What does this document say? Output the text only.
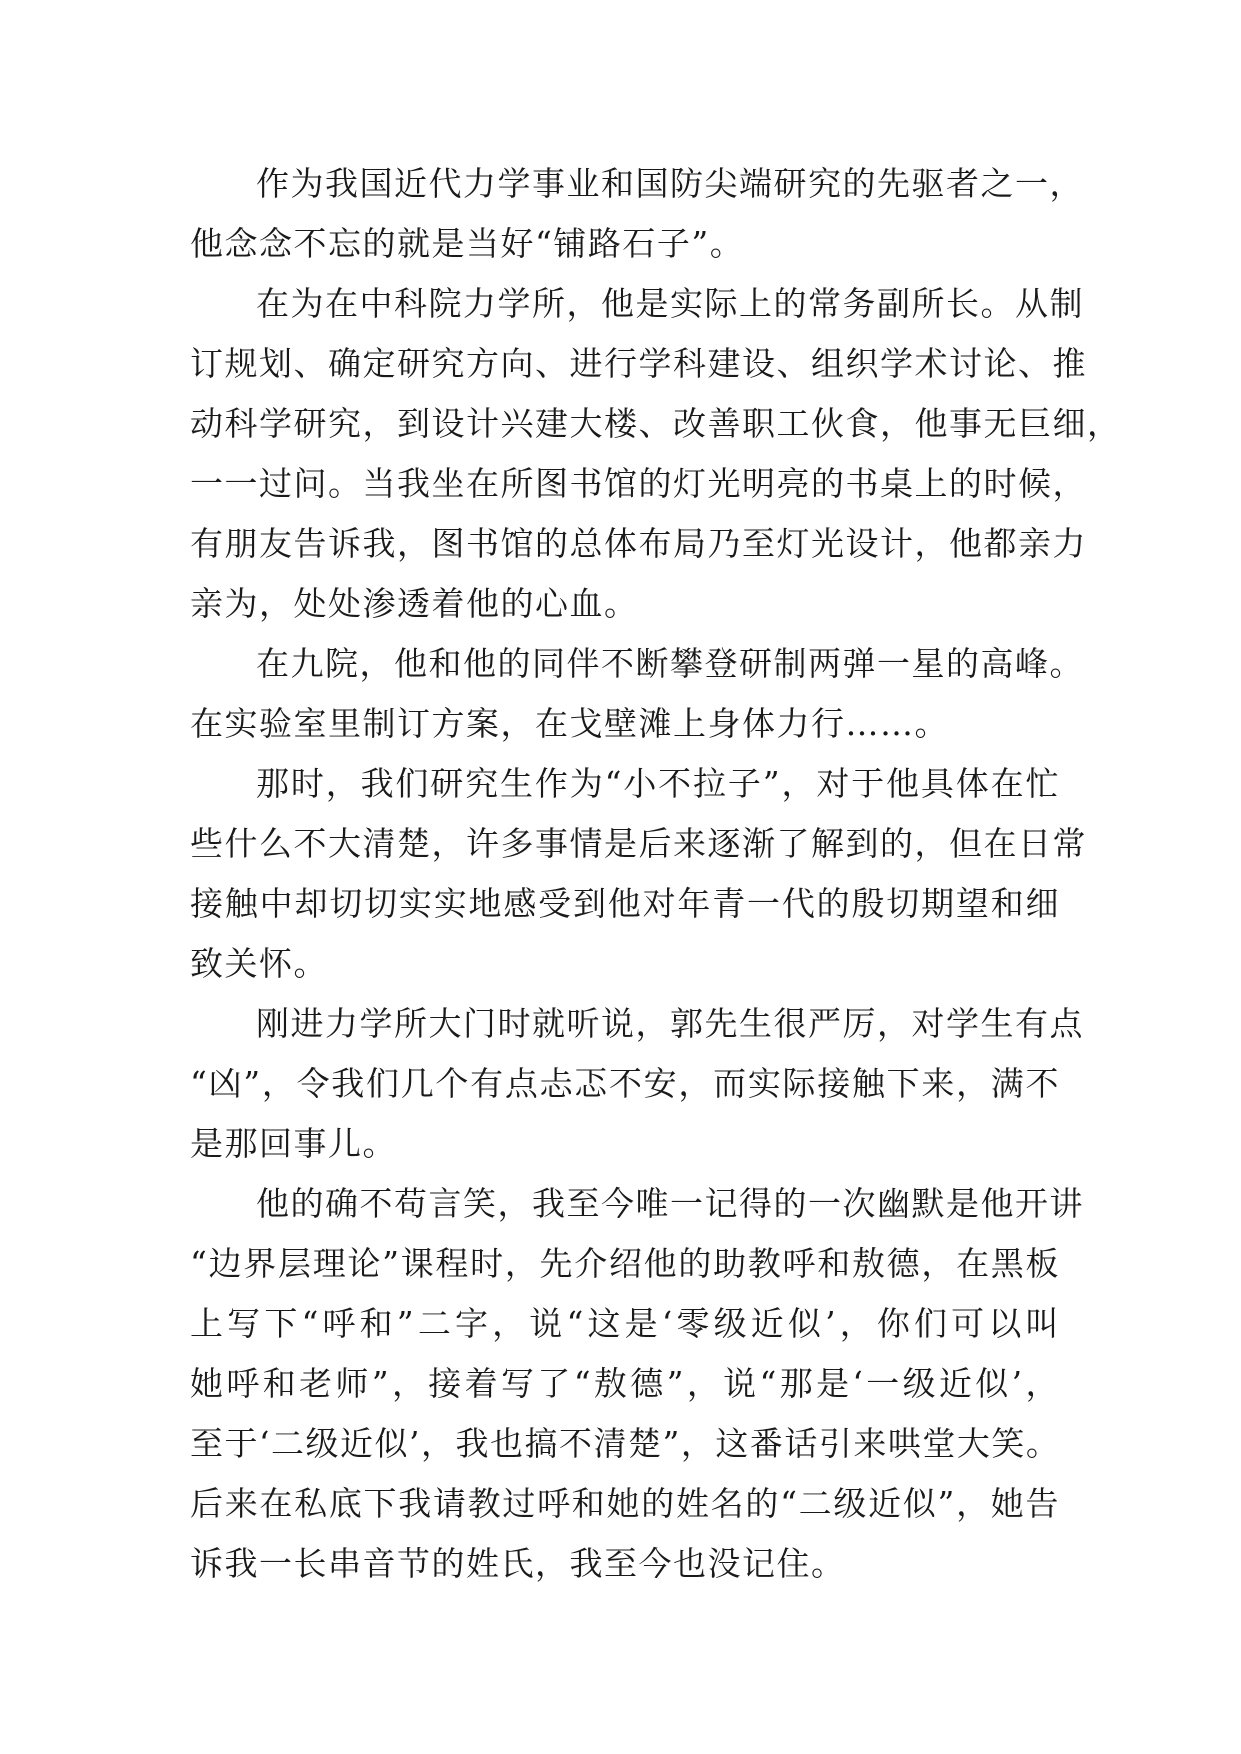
作为我国近代力学事业和国防尖端研究的先驱者之一，
他念念不忘的就是当好“铺路石子”。
在为在中科院力学所，他是实际上的常务副所长。从制
订规划、确定研究方向、进行学科建设、组织学术讨论、推
动科学研究，到设计兴建大楼、改善职工伙食，他事无巨细，
一一过问。当我坐在所图书馆的灯光明亮的书桌上的时候，
有朋友告诉我，图书馆的总体布局乃至灯光设计，他都亲力
亲为，处处渗透着他的心血。
在九院，他和他的同伴不断攀登研制两弹一星的高峰。
在实验室里制订方案，在戈壁滩上身体力行……。
那时，我们研究生作为“小不拉子”，对于他具体在忙
些什么不大清楚，许多事情是后来逐渐了解到的，但在日常
接触中却切切实实地感受到他对年青一代的殷切期望和细
致关怀。
刚进力学所大门时就听说，郭先生很严厉，对学生有点
“凶”，令我们几个有点忐忑不安，而实际接触下来，满不
是那回事儿。
他的确不苟言笑，我至今唯一记得的一次幽默是他开讲
“边界层理论”课程时，先介绍他的助教呼和敖德，在黑板
上写下“呼和”二字，说“这是‘零级近似’，你们可以叫
她呼和老师”，接着写了“敖德”，说“那是‘一级近似’，
至于‘二级近似’，我也搞不清楚”，这番话引来哄堂大笑。
后来在私底下我请教过呼和她的姓名的“二级近似”，她告
诉我一长串音节的姓氏，我至今也没记住。
